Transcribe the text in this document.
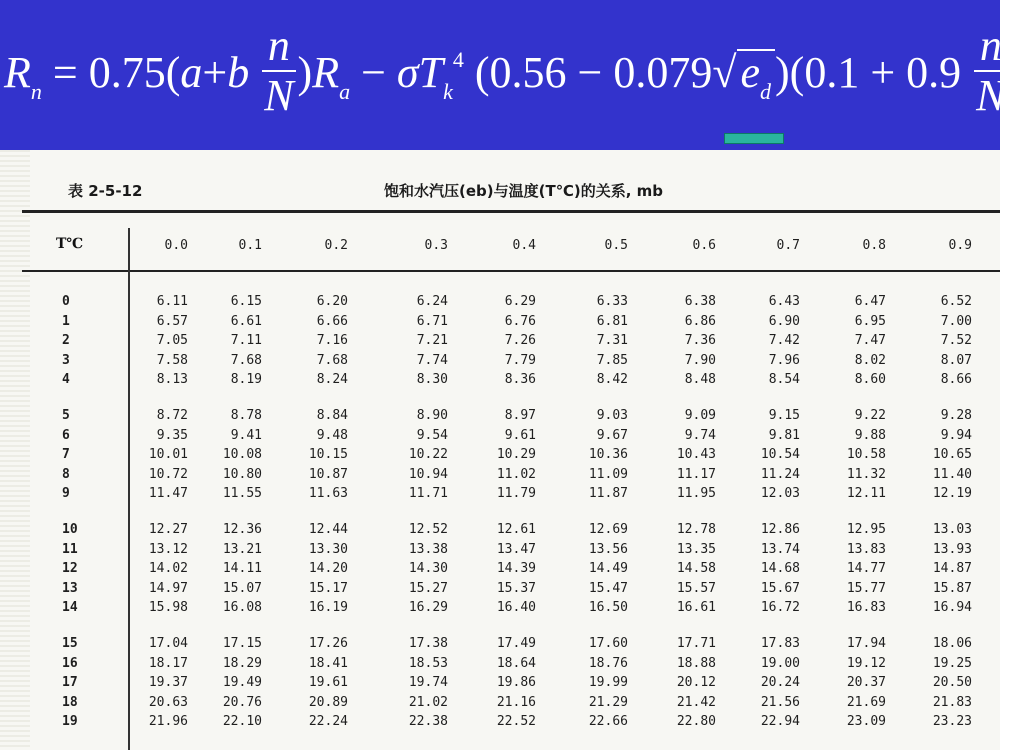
$R_n = 0.75(a+b \frac{n}{N} )R_a - \sigma T_k^4$ $(0.56 - 0.079√e_d)(0.1 + 0.9 \frac{n}{N}$ )
表 2-5-12	饱和水汽压(eb)与温度(T℃)的关系, mb
T℃	0.0	0.1	0.2	0.3	0.4	0.5	0.6	0.7	0.8	0.9
0	6.11	6.15	6.20	6.24	6.29	6.33	6.38	6.43	6.47	6.52
1	6.57	6.61	6.66	6.71	6.76	6.81	6.86	6.90	6.95	7.00
2	7.05	7.11	7.16	7.21	7.26	7.31	7.36	7.42	7.47	7.52
3	7.58	7.68	7.68	7.74	7.79	7.85	7.90	7.96	8.02	8.07
4	8.13	8.19	8.24	8.30	8.36	8.42	8.48	8.54	8.60	8.66
5	8.72	8.78	8.84	8.90	8.97	9.03	9.09	9.15	9.22	9.28
6	9.35	9.41	9.48	9.54	9.61	9.67	9.74	9.81	9.88	9.94
7	10.01	10.08	10.15	10.22	10.29	10.36	10.43	10.54	10.58	10.65
8	10.72	10.80	10.87	10.94	11.02	11.09	11.17	11.24	11.32	11.40
9	11.47	11.55	11.63	11.71	11.79	11.87	11.95	12.03	12.11	12.19
10	12.27	12.36	12.44	12.52	12.61	12.69	12.78	12.86	12.95	13.03
11	13.12	13.21	13.30	13.38	13.47	13.56	13.35	13.74	13.83	13.93
12	14.02	14.11	14.20	14.30	14.39	14.49	14.58	14.68	14.77	14.87
13	14.97	15.07	15.17	15.27	15.37	15.47	15.57	15.67	15.77	15.87
14	15.98	16.08	16.19	16.29	16.40	16.50	16.61	16.72	16.83	16.94
15	17.04	17.15	17.26	17.38	17.49	17.60	17.71	17.83	17.94	18.06
16	18.17	18.29	18.41	18.53	18.64	18.76	18.88	19.00	19.12	19.25
17	19.37	19.49	19.61	19.74	19.86	19.99	20.12	20.24	20.37	20.50
18	20.63	20.76	20.89	21.02	21.16	21.29	21.42	21.56	21.69	21.83
19	21.96	22.10	22.24	22.38	22.52	22.66	22.80	22.94	23.09	23.23
